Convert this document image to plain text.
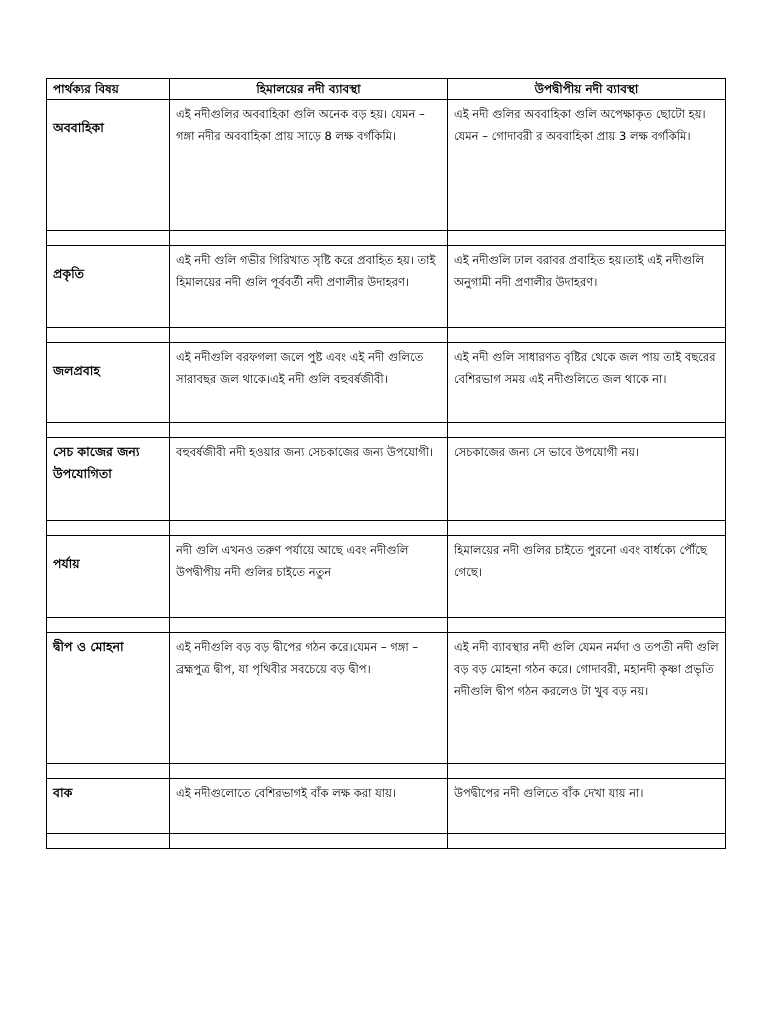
পার্থক্যর বিষয়	হিমালয়ের নদী ব্যাবস্থা	উপদ্বীপীয় নদী ব্যাবস্থা

অববাহিকা	এই নদীগুলির অববাহিকা গুলি অনেক বড় হয়। যেমন – গঙ্গা নদীর অববাহিকা প্রায় সাড়ে 8 লক্ষ বর্গকিমি।	এই নদী গুলির অববাহিকা গুলি অপেক্ষাকৃত ছোটো হয়। যেমন – গোদাবরী র অববাহিকা প্রায় 3 লক্ষ বর্গকিমি।

প্রকৃতি	এই নদী গুলি গভীর গিরিখাত সৃষ্টি করে প্রবাহিত হয়। তাই হিমালয়ের নদী গুলি পূর্ববর্তী নদী প্রণালীর উদাহরণ।	এই নদীগুলি ঢাল বরাবর প্রবাহিত হয়।তাই এই নদীগুলি অনুগামী নদী প্রণালীর উদাহরণ।

জলপ্রবাহ	এই নদীগুলি বরফগলা জলে পুষ্ট এবং এই নদী গুলিতে সারাবছর জল থাকে।এই নদী গুলি বহুবর্ষজীবী।	এই নদী গুলি সাধারণত বৃষ্টির থেকে জল পায় তাই বছরের বেশিরভাগ সময় এই নদীগুলিতে জল থাকে না।

সেচ কাজের জন্য উপযোগিতা	বহুবর্ষজীবী নদী হওয়ার জন্য সেচকাজের জন্য উপযোগী।	সেচকাজের জন্য সে ভাবে উপযোগী নয়।

পর্যায়	নদী গুলি এখনও তরুণ পর্যায়ে আছে এবং নদীগুলি উপদ্বীপীয় নদী গুলির চাইতে নতুন	হিমালয়ের নদী গুলির চাইতে পুরনো এবং বার্ধক্যে পৌঁছে গেছে।

দ্বীপ ও মোহনা	এই নদীগুলি বড় বড় দ্বীপের গঠন করে।যেমন – গঙ্গা – ব্রহ্মপুত্র দ্বীপ, যা পৃথিবীর সবচেয়ে বড় দ্বীপ।	এই নদী ব্যাবস্থার নদী গুলি যেমন নর্মদা ও তপতী নদী গুলি বড় বড় মোহনা গঠন করে। গোদাবরী, মহানদী কৃষ্ণা প্রভৃতি নদীগুলি দ্বীপ গঠন করলেও টা খুব বড় নয়।

বাক	এই নদীগুলোতে বেশিরভাগই বাঁক লক্ষ করা যায়।	উপদ্বীপের নদী গুলিতে বাঁক দেখা যায় না।
